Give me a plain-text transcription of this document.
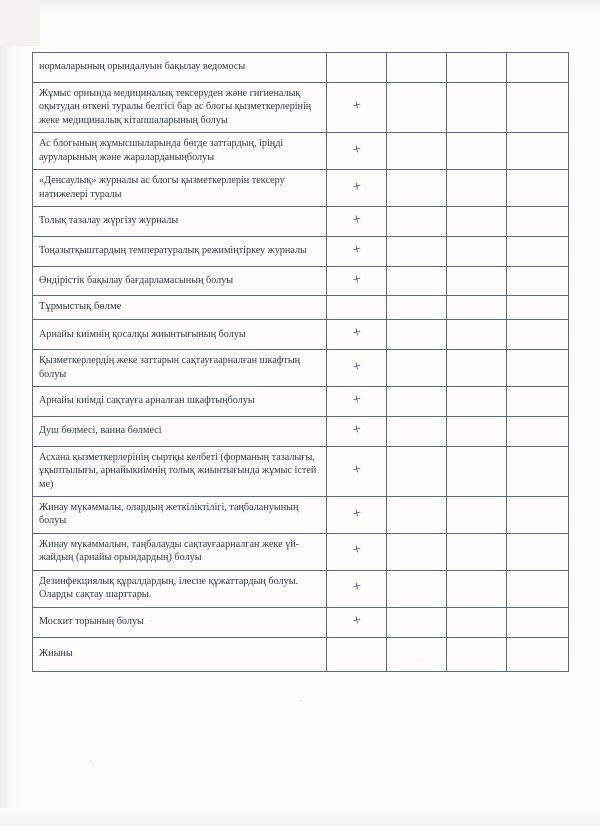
нормаларының орындалуын бақылау ведомосы				
Жұмыс орнында медициналық тексеруден және гигиеналық оқытудан өткені туралы белгісі бар ас блогы қызметкерлерінің жеке медициналық кітапшаларының болуы	+			
Ас блогының жұмысшыларында бөгде заттардың, іріңді ауруларының және жараларданыңболуы	+			
«Денсаулық» журналы ас блогы қызметкерлерін тексеру нәтижелері туралы	+			
Толық тазалау жүргізу журналы	+			
Тоңазытқыштардың температуралық режиміңтіркеу журналы	+			
Өндірістік бақылау бағдарламасының болуы	+			
Тұрмыстық бөлме				
Арнайы киімнің қосалқы жиынтығының болуы	+			
Қызметкерлердің жеке заттарын сақтауғаарналған шкафтың болуы	+			
Арнайы киімді сақтауға арналған шкафтыңболуы	+			
Душ бөлмесі, ванна бөлмесі	+			
Асхана қызметкерлерінің сыртқы келбеті (форманың тазалығы, ұқыптылығы, арнайыкиімнің толық жиынтығында жұмыс істей ме)	+			
Жинау мүкәммалы, олардың жеткіліктілігі, таңбалануының болуы	+			
Жинау мүкәммалын, таңбалауды сақтауғаарналган жеке үй-жайдың (арнайы орындардың) болуы	+			
Дезинфекциялық құралдардың, ілеспе құжаттардың болуы. Оларды сақтау шарттары.	+			
Москит торының болуы	+			
Жиыны				
